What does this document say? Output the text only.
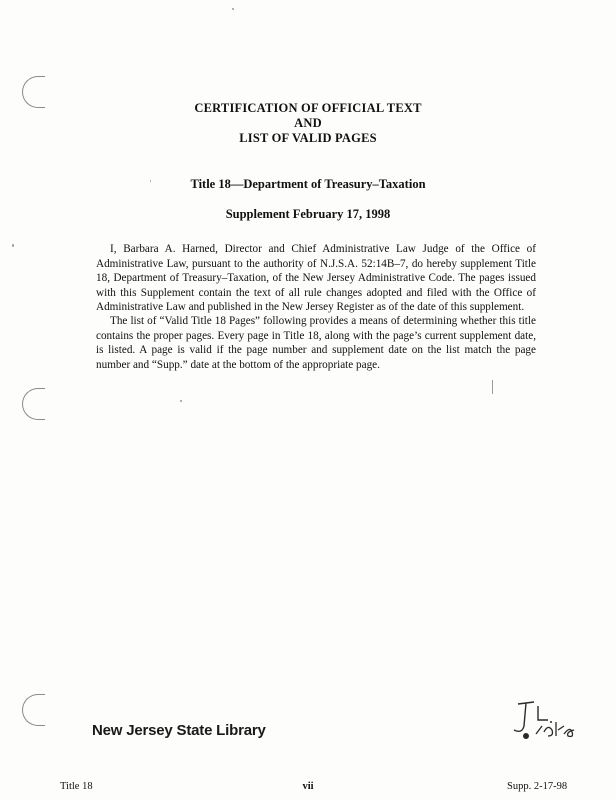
CERTIFICATION OF OFFICIAL TEXT
AND
LIST OF VALID PAGES
Title 18—Department of Treasury–Taxation
Supplement February 17, 1998
I, Barbara A. Harned, Director and Chief Administrative Law Judge of the Office of Administrative Law, pursuant to the authority of N.J.S.A. 52:14B–7, do hereby supplement Title 18, Department of Treasury–Taxation, of the New Jersey Administrative Code. The pages issued with this Supplement contain the text of all rule changes adopted and filed with the Office of Administrative Law and published in the New Jersey Register as of the date of this supplement.
The list of “Valid Title 18 Pages” following provides a means of determining whether this title contains the proper pages. Every page in Title 18, along with the page’s current supplement date, is listed. A page is valid if the page number and supplement date on the list match the page number and “Supp.” date at the bottom of the appropriate page.
New Jersey State Library
Title 18	vii	Supp. 2-17-98
